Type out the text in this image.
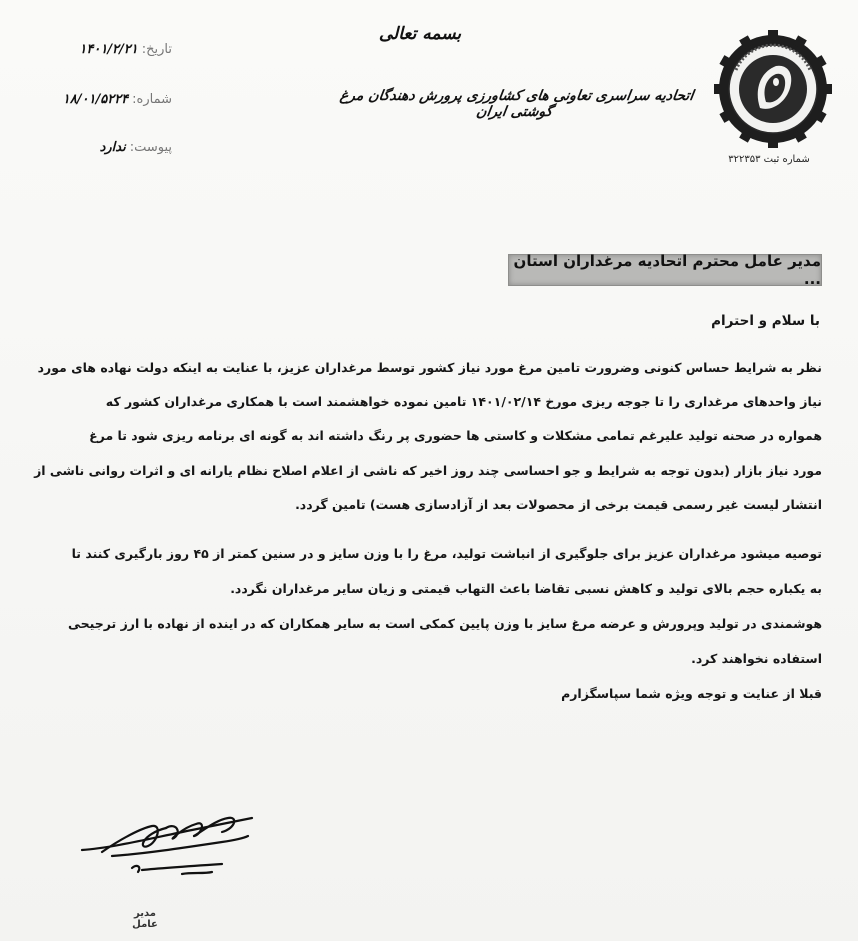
شماره ثبت ۳۲۲۳۵۳
بسمه تعالی
اتحادیه سراسری تعاونی های کشاورزی پرورش دهندگان مرغ گوشتی ایران
تاریخ:
۱۴۰۱/۲/۲۱
شماره:
۱۸/۰۱/۵۲۲۴
پیوست:
ندارد
مدیر عامل محترم اتحادیه مرغداران استان ...
با سلام و احترام
نظر به شرایط حساس کنونی وضرورت تامین مرغ مورد نیاز کشور توسط مرغداران عزیز، با عنایت به اینکه دولت نهاده های مورد
نیاز واحدهای مرغداری را تا جوجه ریزی مورخ ۱۴۰۱/۰۲/۱۴ تامین نموده خواهشمند است با همکاری مرغداران کشور که
همواره در صحنه تولید علیرغم تمامی مشکلات و کاستی ها حضوری پر رنگ داشته اند به گونه ای برنامه ریزی شود تا مرغ
مورد نیاز بازار (بدون توجه به شرایط و جو احساسی چند روز اخیر که ناشی از اعلام اصلاح نظام یارانه ای و اثرات روانی ناشی از
انتشار لیست غیر رسمی قیمت برخی از محصولات بعد از آزادسازی هست) تامین گردد.
توصیه میشود مرغداران عزیز برای جلوگیری از انباشت تولید، مرغ را با وزن سایز و در سنین کمتر از ۴۵ روز بارگیری کنند تا
به یکباره حجم بالای تولید و کاهش نسبی تقاضا باعث التهاب قیمتی و زیان سایر مرغداران نگردد.
هوشمندی در تولید وپرورش و عرضه مرغ سایز با وزن پایین کمکی است به سایر همکاران که در اینده از نهاده با ارز ترجیحی
استفاده نخواهند کرد.
قبلا از عنایت و توجه ویژه شما سپاسگزارم
مدیر عامل
